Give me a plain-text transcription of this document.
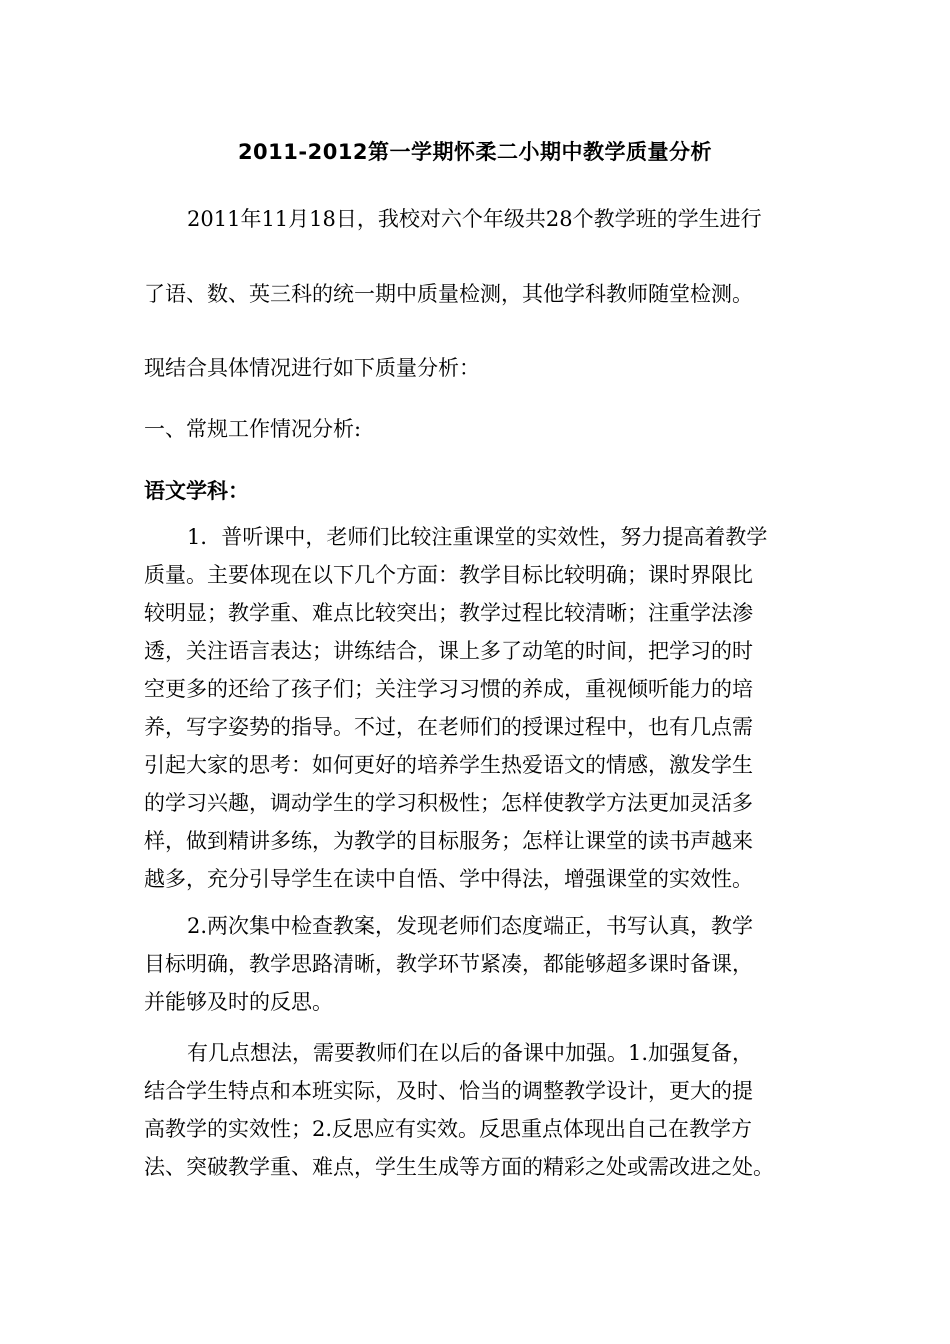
2011-2012第一学期怀柔二小期中教学质量分析
2011年11月18日，我校对六个年级共28个教学班的学生进行
了语、数、英三科的统一期中质量检测，其他学科教师随堂检测。
现结合具体情况进行如下质量分析：
一、常规工作情况分析:
语文学科：
1．普听课中，老师们比较注重课堂的实效性，努力提高着教学
质量。主要体现在以下几个方面：教学目标比较明确；课时界限比
较明显；教学重、难点比较突出；教学过程比较清晰；注重学法渗
透，关注语言表达；讲练结合，课上多了动笔的时间，把学习的时
空更多的还给了孩子们；关注学习习惯的养成，重视倾听能力的培
养，写字姿势的指导。不过，在老师们的授课过程中，也有几点需
引起大家的思考：如何更好的培养学生热爱语文的情感，激发学生
的学习兴趣，调动学生的学习积极性；怎样使教学方法更加灵活多
样，做到精讲多练，为教学的目标服务；怎样让课堂的读书声越来
越多，充分引导学生在读中自悟、学中得法，增强课堂的实效性。
2.两次集中检查教案，发现老师们态度端正，书写认真，教学
目标明确，教学思路清晰，教学环节紧凑，都能够超多课时备课，
并能够及时的反思。
有几点想法，需要教师们在以后的备课中加强。1.加强复备，
结合学生特点和本班实际，及时、恰当的调整教学设计，更大的提
高教学的实效性；2.反思应有实效。反思重点体现出自己在教学方
法、突破教学重、难点，学生生成等方面的精彩之处或需改进之处。
